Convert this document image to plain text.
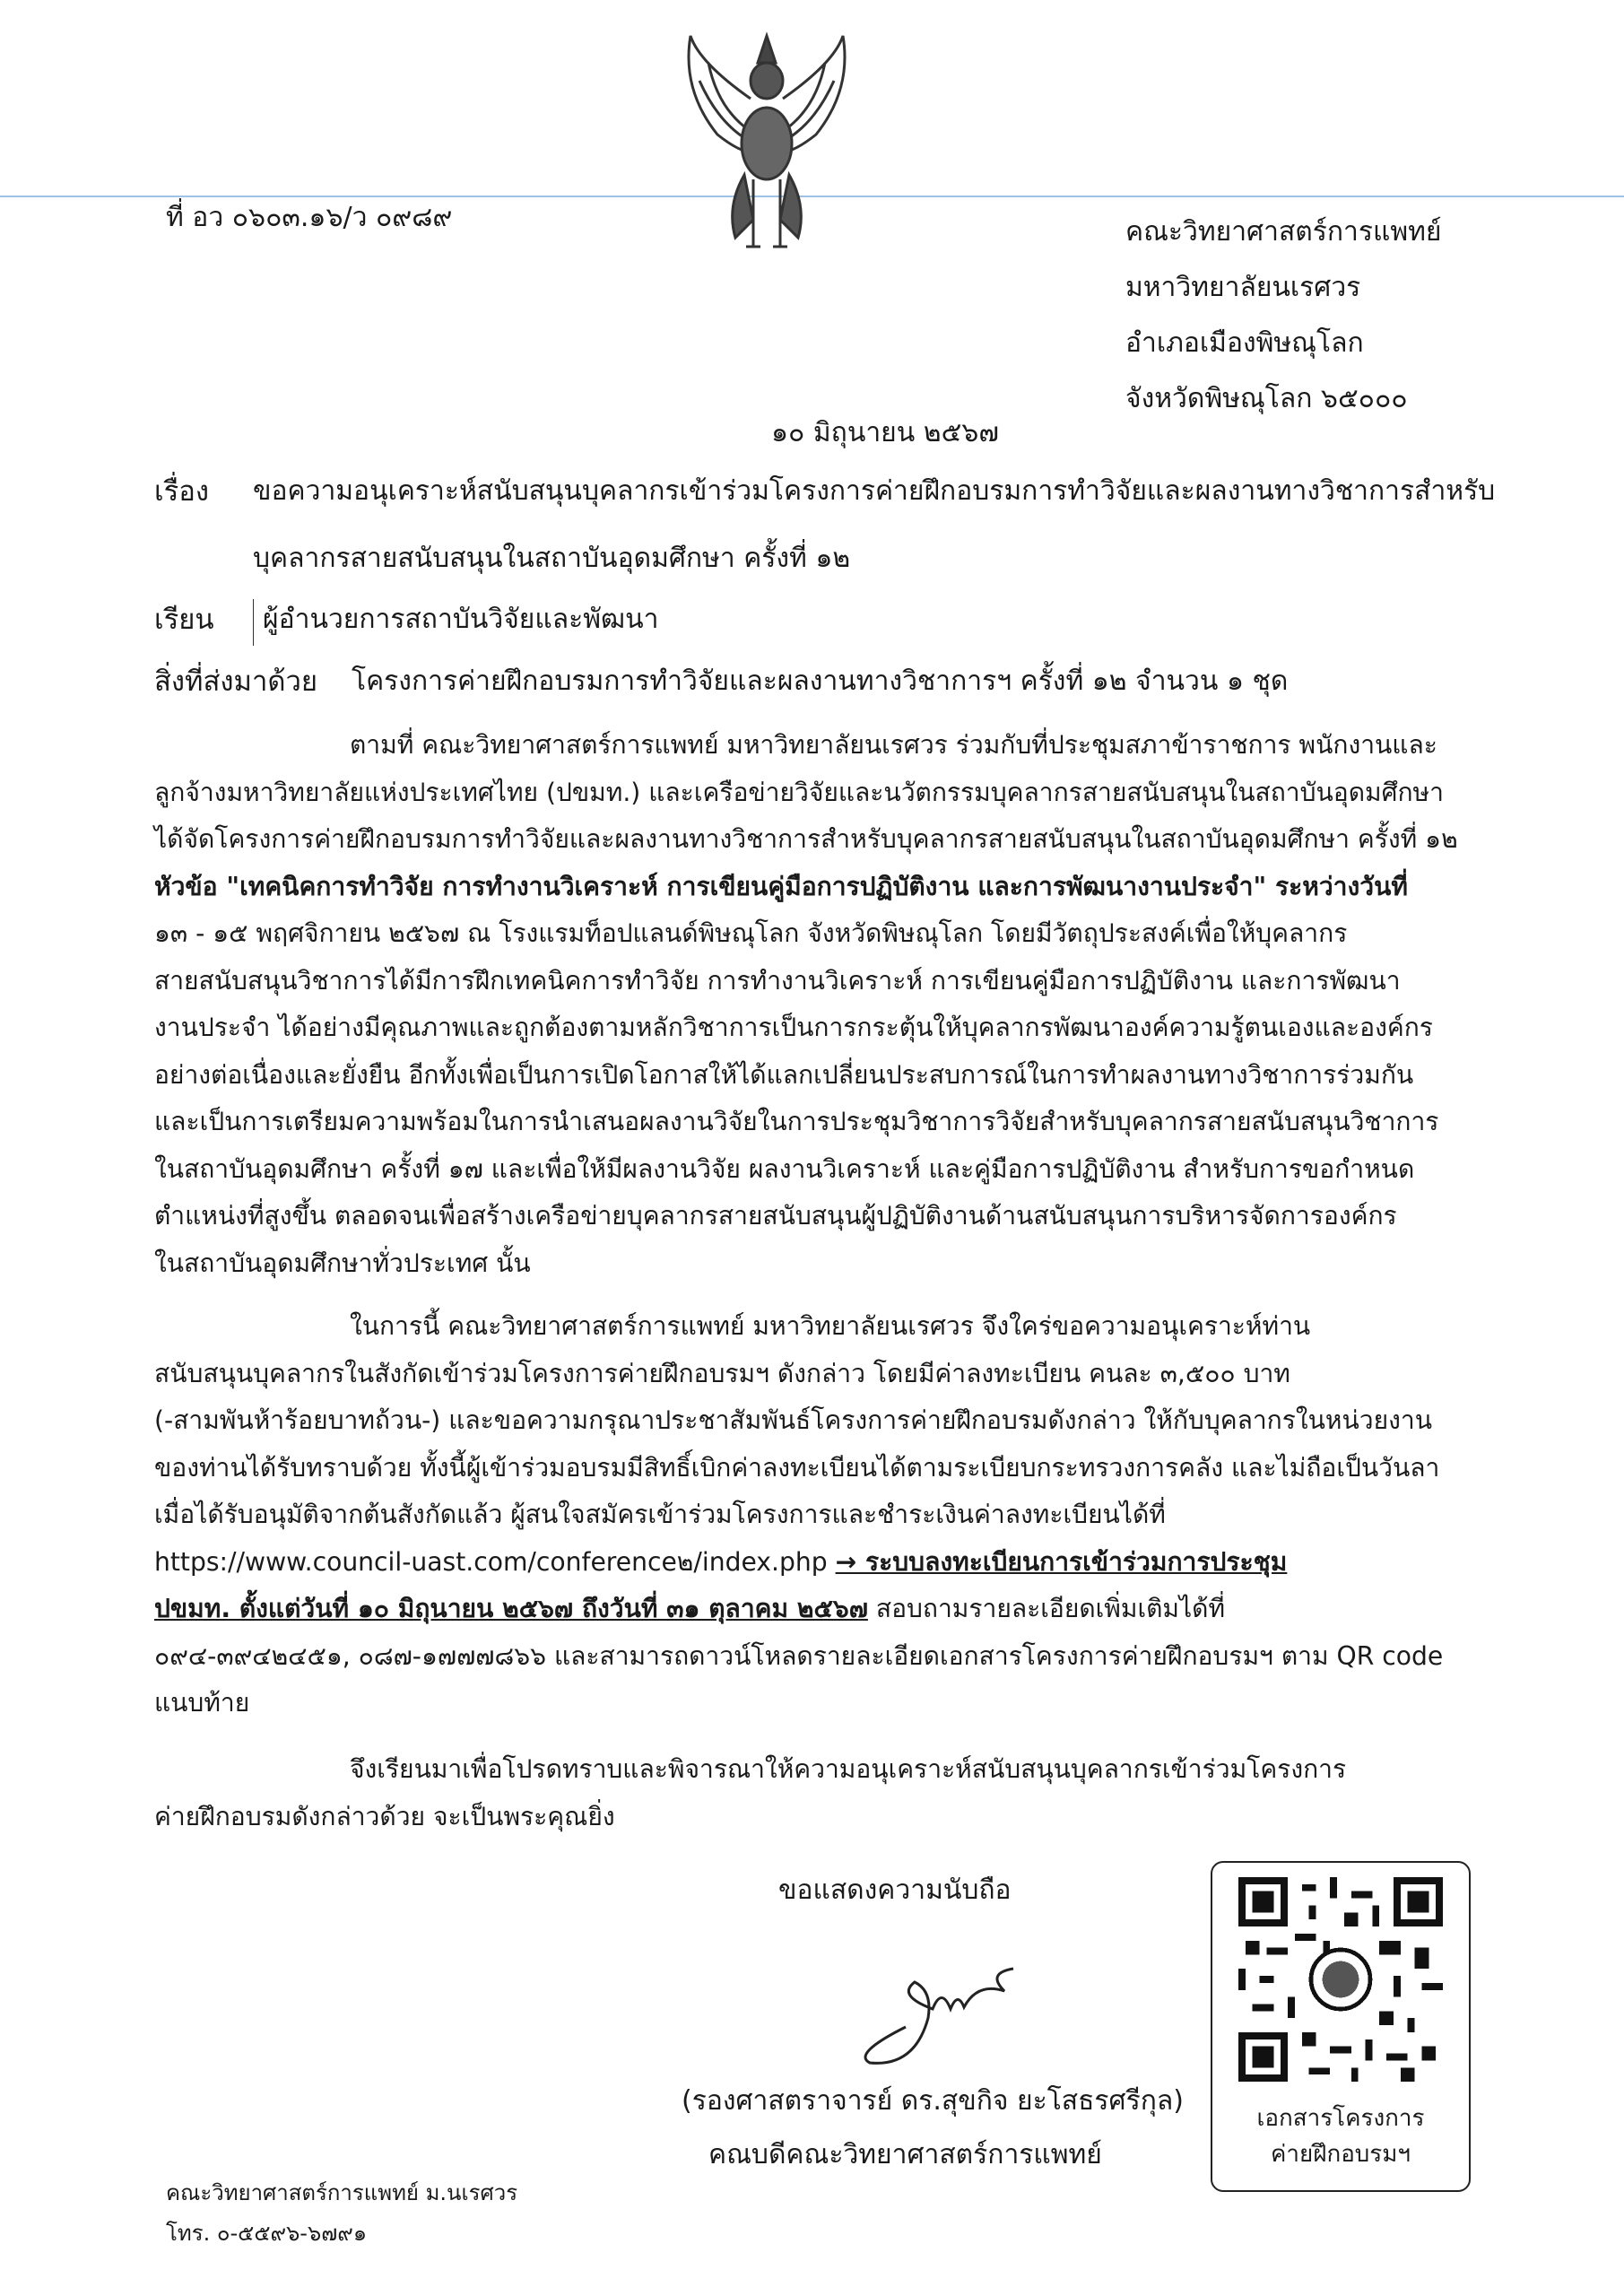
ที่ อว ๐๖๐๓.๑๖/ว ๐๙๘๙	คณะวิทยาศาสตร์การแพทย์
มหาวิทยาลัยนเรศวร
อำเภอเมืองพิษณุโลก
จังหวัดพิษณุโลก ๖๕๐๐๐
๑๐ มิถุนายน ๒๕๖๗
เรื่อง ขอความอนุเคราะห์สนับสนุนบุคลากรเข้าร่วมโครงการค่ายฝึกอบรมการทำวิจัยและผลงานทางวิชาการสำหรับ
บุคลากรสายสนับสนุนในสถาบันอุดมศึกษา ครั้งที่ ๑๒
เรียน	ผู้อำนวยการสถาบันวิจัยและพัฒนา
สิ่งที่ส่งมาด้วย โครงการค่ายฝึกอบรมการทำวิจัยและผลงานทางวิชาการฯ ครั้งที่ ๑๒ จำนวน ๑ ชุด
ตามที่ คณะวิทยาศาสตร์การแพทย์ มหาวิทยาลัยนเรศวร ร่วมกับที่ประชุมสภาข้าราชการ พนักงานและ
ลูกจ้างมหาวิทยาลัยแห่งประเทศไทย (ปขมท.) และเครือข่ายวิจัยและนวัตกรรมบุคลากรสายสนับสนุนในสถาบันอุดมศึกษา
ได้จัดโครงการค่ายฝึกอบรมการทำวิจัยและผลงานทางวิชาการสำหรับบุคลากรสายสนับสนุนในสถาบันอุดมศึกษา ครั้งที่ ๑๒
หัวข้อ "เทคนิคการทำวิจัย การทำงานวิเคราะห์ การเขียนคู่มือการปฏิบัติงาน และการพัฒนางานประจำ" ระหว่างวันที่
๑๓ - ๑๕ พฤศจิกายน ๒๕๖๗ ณ โรงแรมท็อปแลนด์พิษณุโลก จังหวัดพิษณุโลก โดยมีวัตถุประสงค์เพื่อให้บุคลากร
สายสนับสนุนวิชาการได้มีการฝึกเทคนิคการทำวิจัย การทำงานวิเคราะห์ การเขียนคู่มือการปฏิบัติงาน และการพัฒนา
งานประจำ ได้อย่างมีคุณภาพและถูกต้องตามหลักวิชาการเป็นการกระตุ้นให้บุคลากรพัฒนาองค์ความรู้ตนเองและองค์กร
อย่างต่อเนื่องและยั่งยืน อีกทั้งเพื่อเป็นการเปิดโอกาสให้ได้แลกเปลี่ยนประสบการณ์ในการทำผลงานทางวิชาการร่วมกัน
และเป็นการเตรียมความพร้อมในการนำเสนอผลงานวิจัยในการประชุมวิชาการวิจัยสำหรับบุคลากรสายสนับสนุนวิชาการ
ในสถาบันอุดมศึกษา ครั้งที่ ๑๗ และเพื่อให้มีผลงานวิจัย ผลงานวิเคราะห์ และคู่มือการปฏิบัติงาน สำหรับการขอกำหนด
ตำแหน่งที่สูงขึ้น ตลอดจนเพื่อสร้างเครือข่ายบุคลากรสายสนับสนุนผู้ปฏิบัติงานด้านสนับสนุนการบริหารจัดการองค์กร
ในสถาบันอุดมศึกษาทั่วประเทศ นั้น
ในการนี้ คณะวิทยาศาสตร์การแพทย์ มหาวิทยาลัยนเรศวร จึงใคร่ขอความอนุเคราะห์ท่าน
สนับสนุนบุคลากรในสังกัดเข้าร่วมโครงการค่ายฝึกอบรมฯ ดังกล่าว โดยมีค่าลงทะเบียน คนละ ๓,๕๐๐ บาท
(-สามพันห้าร้อยบาทถ้วน-) และขอความกรุณาประชาสัมพันธ์โครงการค่ายฝึกอบรมดังกล่าว ให้กับบุคลากรในหน่วยงาน
ของท่านได้รับทราบด้วย ทั้งนี้ผู้เข้าร่วมอบรมมีสิทธิ์เบิกค่าลงทะเบียนได้ตามระเบียบกระทรวงการคลัง และไม่ถือเป็นวันลา
เมื่อได้รับอนุมัติจากต้นสังกัดแล้ว ผู้สนใจสมัครเข้าร่วมโครงการและชำระเงินค่าลงทะเบียนได้ที่
https://www.council-uast.com/conference๒/index.php → ระบบลงทะเบียนการเข้าร่วมการประชุม
ปขมท. ตั้งแต่วันที่ ๑๐ มิถุนายน ๒๕๖๗ ถึงวันที่ ๓๑ ตุลาคม ๒๕๖๗ สอบถามรายละเอียดเพิ่มเติมได้ที่
๐๙๔-๓๙๔๒๔๕๑, ๐๘๗-๑๗๗๗๘๖๖ และสามารถดาวน์โหลดรายละเอียดเอกสารโครงการค่ายฝึกอบรมฯ ตาม QR code
แนบท้าย
จึงเรียนมาเพื่อโปรดทราบและพิจารณาให้ความอนุเคราะห์สนับสนุนบุคลากรเข้าร่วมโครงการ
ค่ายฝึกอบรมดังกล่าวด้วย จะเป็นพระคุณยิ่ง
ขอแสดงความนับถือ
(รองศาสตราจารย์ ดร.สุขกิจ ยะโสธรศรีกุล)
คณบดีคณะวิทยาศาสตร์การแพทย์
เอกสารโครงการ
ค่ายฝึกอบรมฯ
คณะวิทยาศาสตร์การแพทย์ ม.นเรศวร
โทร. ๐-๕๕๙๖-๖๗๙๑
